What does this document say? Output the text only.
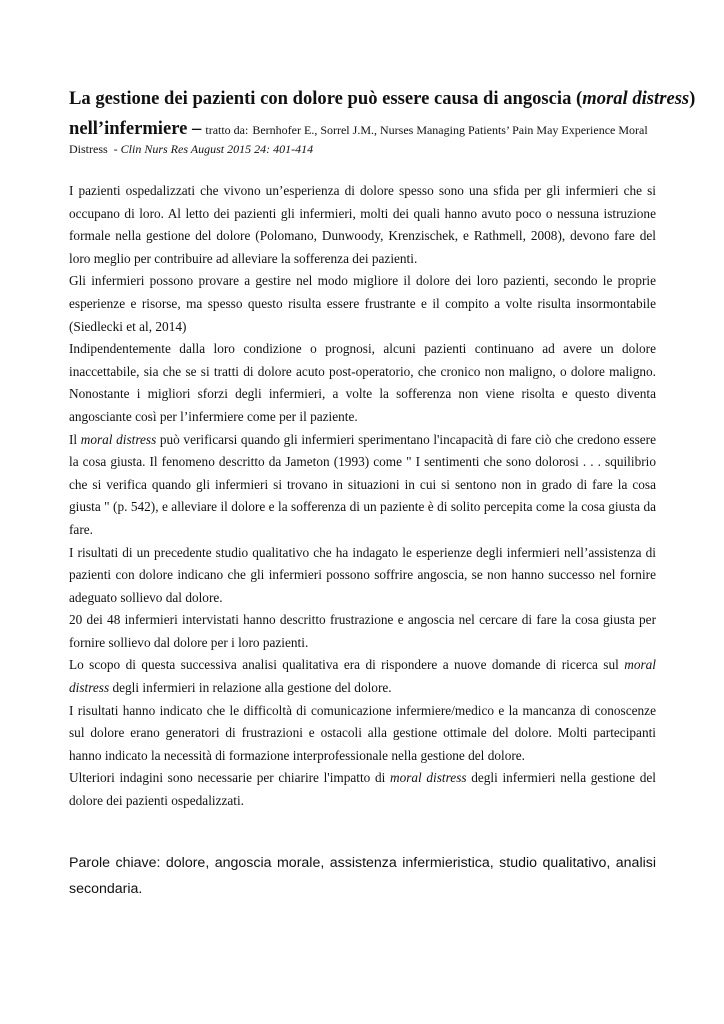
La gestione dei pazienti con dolore può essere causa di angoscia (moral distress)
nell’infermiere – tratto da: Bernhofer E., Sorrel J.M., Nurses Managing Patients’ Pain May Experience Moral
Distress - Clin Nurs Res August 2015 24: 401-414

I pazienti ospedalizzati che vivono un’esperienza di dolore spesso sono una sfida per gli infermieri che si occupano di loro. Al letto dei pazienti gli infermieri, molti dei quali hanno avuto poco o nessuna istruzione formale nella gestione del dolore (Polomano, Dunwoody, Krenzischek, e Rathmell, 2008), devono fare del loro meglio per contribuire ad alleviare la sofferenza dei pazienti.

Gli infermieri possono provare a gestire nel modo migliore il dolore dei loro pazienti, secondo le proprie esperienze e risorse, ma spesso questo risulta essere frustrante e il compito a volte risulta insormontabile (Siedlecki et al, 2014)

Indipendentemente dalla loro condizione o prognosi, alcuni pazienti continuano ad avere un dolore inaccettabile, sia che se si tratti di dolore acuto post-operatorio, che cronico non maligno, o dolore maligno. Nonostante i migliori sforzi degli infermieri, a volte la sofferenza non viene risolta e questo diventa angosciante così per l’infermiere come per il paziente.

Il moral distress può verificarsi quando gli infermieri sperimentano l'incapacità di fare ciò che credono essere la cosa giusta. Il fenomeno descritto da Jameton (1993) come " I sentimenti che sono dolorosi . . . squilibrio che si verifica quando gli infermieri si trovano in situazioni in cui si sentono non in grado di fare la cosa giusta " (p. 542), e alleviare il dolore e la sofferenza di un paziente è di solito percepita come la cosa giusta da fare.

I risultati di un precedente studio qualitativo che ha indagato le esperienze degli infermieri nell’assistenza di pazienti con dolore indicano che gli infermieri possono soffrire angoscia, se non hanno successo nel fornire adeguato sollievo dal dolore.

20 dei 48 infermieri intervistati hanno descritto frustrazione e angoscia nel cercare di fare la cosa giusta per fornire sollievo dal dolore per i loro pazienti.

Lo scopo di questa successiva analisi qualitativa era di rispondere a nuove domande di ricerca sul moral distress degli infermieri in relazione alla gestione del dolore.

I risultati hanno indicato che le difficoltà di comunicazione infermiere/medico e la mancanza di conoscenze sul dolore erano generatori di frustrazioni e ostacoli alla gestione ottimale del dolore. Molti partecipanti hanno indicato la necessità di formazione interprofessionale nella gestione del dolore.

Ulteriori indagini sono necessarie per chiarire l'impatto di moral distress degli infermieri nella gestione del dolore dei pazienti ospedalizzati.

Parole chiave: dolore, angoscia morale, assistenza infermieristica, studio qualitativo, analisi secondaria.
